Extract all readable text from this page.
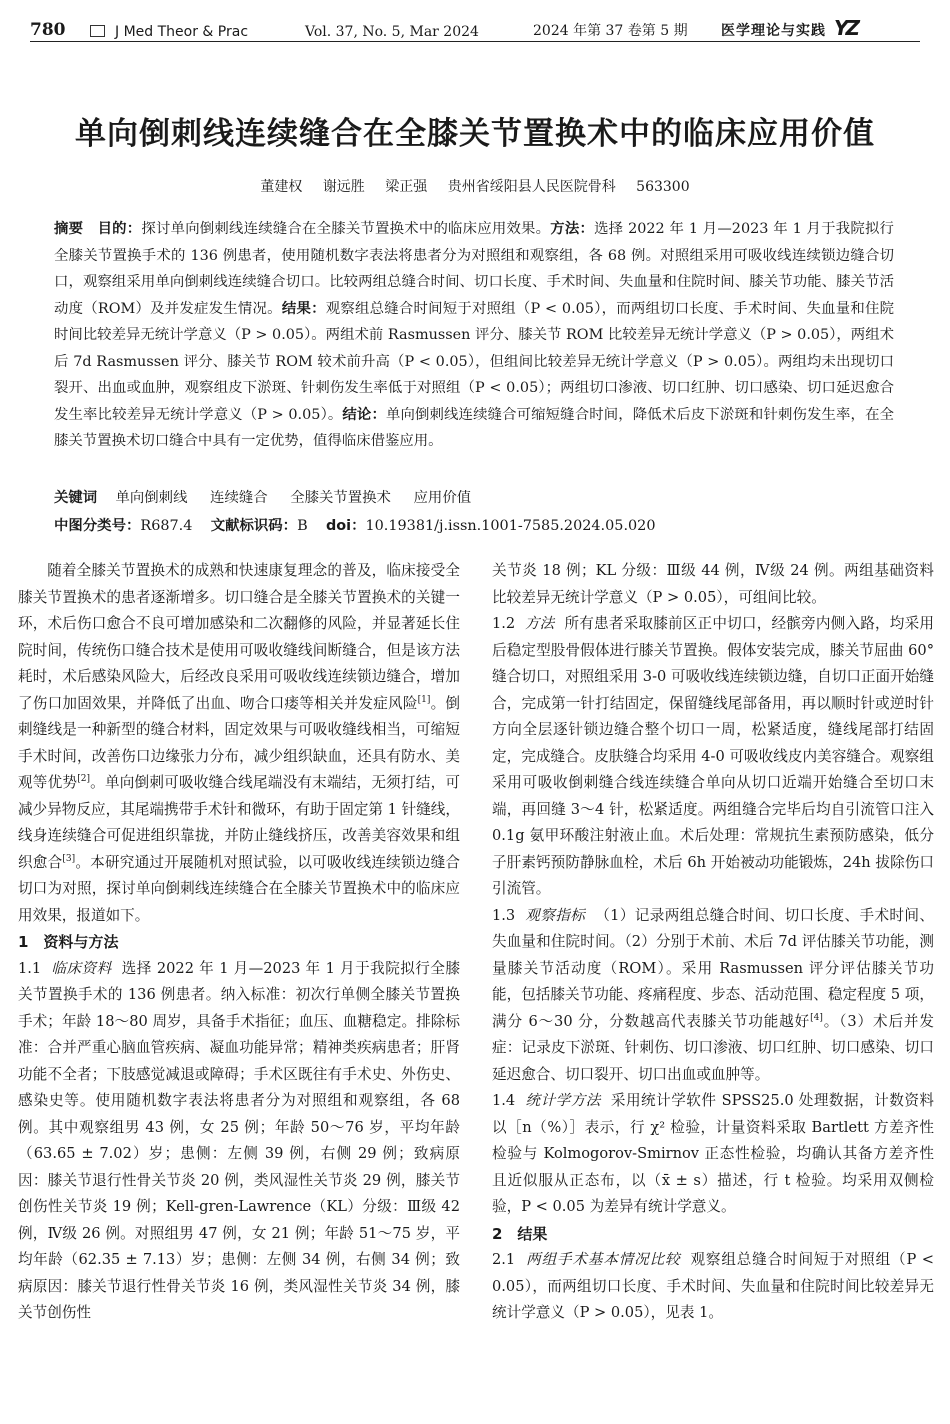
780	J Med Theor & Prac	Vol. 37, No. 5, Mar 2024	2024 年第 37 卷第 5 期	医学理论与实践 YZ
单向倒刺线连续缝合在全膝关节置换术中的临床应用价值
董建权 谢远胜 梁正强 贵州省绥阳县人民医院骨科 563300
摘要 目的：探讨单向倒刺线连续缝合在全膝关节置换术中的临床应用效果。方法：选择 2022 年 1 月—2023 年 1 月于我院拟行全膝关节置换手术的 136 例患者，使用随机数字表法将患者分为对照组和观察组，各 68 例。对照组采用可吸收线连续锁边缝合切口，观察组采用单向倒刺线连续缝合切口。比较两组总缝合时间、切口长度、手术时间、失血量和住院时间、膝关节功能、膝关节活动度（ROM）及并发症发生情况。结果：观察组总缝合时间短于对照组（P < 0.05），而两组切口长度、手术时间、失血量和住院时间比较差异无统计学意义（P > 0.05）。两组术前 Rasmussen 评分、膝关节 ROM 比较差异无统计学意义（P > 0.05），两组术后 7d Rasmussen 评分、膝关节 ROM 较术前升高（P < 0.05），但组间比较差异无统计学意义（P > 0.05）。两组均未出现切口裂开、出血或血肿，观察组皮下淤斑、针刺伤发生率低于对照组（P < 0.05）；两组切口渗液、切口红肿、切口感染、切口延迟愈合发生率比较差异无统计学意义（P > 0.05）。结论：单向倒刺线连续缝合可缩短缝合时间，降低术后皮下淤斑和针刺伤发生率，在全膝关节置换术切口缝合中具有一定优势，值得临床借鉴应用。
关键词 单向倒刺线 连续缝合 全膝关节置换术 应用价值
中图分类号：R687.4 文献标识码：B doi：10.19381/j.issn.1001-7585.2024.05.020

随着全膝关节置换术的成熟和快速康复理念的普及，临床接受全膝关节置换术的患者逐渐增多。切口缝合是全膝关节置换术的关键一环，术后伤口愈合不良可增加感染和二次翻修的风险，并显著延长住院时间，传统伤口缝合技术是使用可吸收缝线间断缝合，但是该方法耗时，术后感染风险大，后经改良采用可吸收线连续锁边缝合，增加了伤口加固效果，并降低了出血、吻合口瘘等相关并发症风险[1]。倒刺缝线是一种新型的缝合材料，固定效果与可吸收缝线相当，可缩短手术时间，改善伤口边缘张力分布，减少组织缺血，还具有防水、美观等优势[2]。单向倒刺可吸收缝合线尾端没有末端结，无须打结，可减少异物反应，其尾端携带手术针和微环，有助于固定第 1 针缝线，线身连续缝合可促进组织靠拢，并防止缝线挤压，改善美容效果和组织愈合[3]。本研究通过开展随机对照试验，以可吸收线连续锁边缝合切口为对照，探讨单向倒刺线连续缝合在全膝关节置换术中的临床应用效果，报道如下。

1　资料与方法

1.1 临床资料 选择 2022 年 1 月—2023 年 1 月于我院拟行全膝关节置换手术的 136 例患者。纳入标准：初次行单侧全膝关节置换手术；年龄 18～80 周岁，具备手术指征；血压、血糖稳定。排除标准：合并严重心脑血管疾病、凝血功能异常；精神类疾病患者；肝肾功能不全者；下肢感觉减退或障碍；手术区既往有手术史、外伤史、感染史等。使用随机数字表法将患者分为对照组和观察组，各 68 例。其中观察组男 43 例，女 25 例；年龄 50～76 岁，平均年龄（63.65 ± 7.02）岁；患侧：左侧 39 例，右侧 29 例；致病原因：膝关节退行性骨关节炎 20 例，类风湿性关节炎 29 例，膝关节创伤性关节炎 19 例；Kell-gren-Lawrence（KL）分级：Ⅲ级 42 例，Ⅳ级 26 例。对照组男 47 例，女 21 例；年龄 51～75 岁，平均年龄（62.35 ± 7.13）岁；患侧：左侧 34 例，右侧 34 例；致病原因：膝关节退行性骨关节炎 16 例，类风湿性关节炎 34 例，膝关节创伤性

关节炎 18 例；KL 分级：Ⅲ级 44 例，Ⅳ级 24 例。两组基础资料比较差异无统计学意义（P > 0.05），可组间比较。

1.2 方法 所有患者采取膝前区正中切口，经髌旁内侧入路，均采用后稳定型股骨假体进行膝关节置换。假体安装完成，膝关节屈曲 60°缝合切口，对照组采用 3-0 可吸收线连续锁边缝，自切口正面开始缝合，完成第一针打结固定，保留缝线尾部备用，再以顺时针或逆时针方向全层逐针锁边缝合整个切口一周，松紧适度，缝线尾部打结固定，完成缝合。皮肤缝合均采用 4-0 可吸收线皮内美容缝合。观察组采用可吸收倒刺缝合线连续缝合单向从切口近端开始缝合至切口末端，再回缝 3～4 针，松紧适度。两组缝合完毕后均自引流管口注入 0.1g 氨甲环酸注射液止血。术后处理：常规抗生素预防感染，低分子肝素钙预防静脉血栓，术后 6h 开始被动功能锻炼，24h 拔除伤口引流管。

1.3 观察指标 （1）记录两组总缝合时间、切口长度、手术时间、失血量和住院时间。（2）分别于术前、术后 7d 评估膝关节功能，测量膝关节活动度（ROM）。采用 Rasmussen 评分评估膝关节功能，包括膝关节功能、疼痛程度、步态、活动范围、稳定程度 5 项，满分 6～30 分，分数越高代表膝关节功能越好[4]。（3）术后并发症：记录皮下淤斑、针刺伤、切口渗液、切口红肿、切口感染、切口延迟愈合、切口裂开、切口出血或血肿等。

1.4 统计学方法 采用统计学软件 SPSS25.0 处理数据，计数资料以［n（%）］表示，行 χ² 检验，计量资料采取 Bartlett 方差齐性检验与 Kolmogorov-Smirnov 正态性检验，均确认其备方差齐性且近似服从正态布，以（x̄ ± s）描述，行 t 检验。均采用双侧检验，P < 0.05 为差异有统计学意义。

2　结果

2.1 两组手术基本情况比较 观察组总缝合时间短于对照组（P < 0.05），而两组切口长度、手术时间、失血量和住院时间比较差异无统计学意义（P > 0.05），见表 1。
